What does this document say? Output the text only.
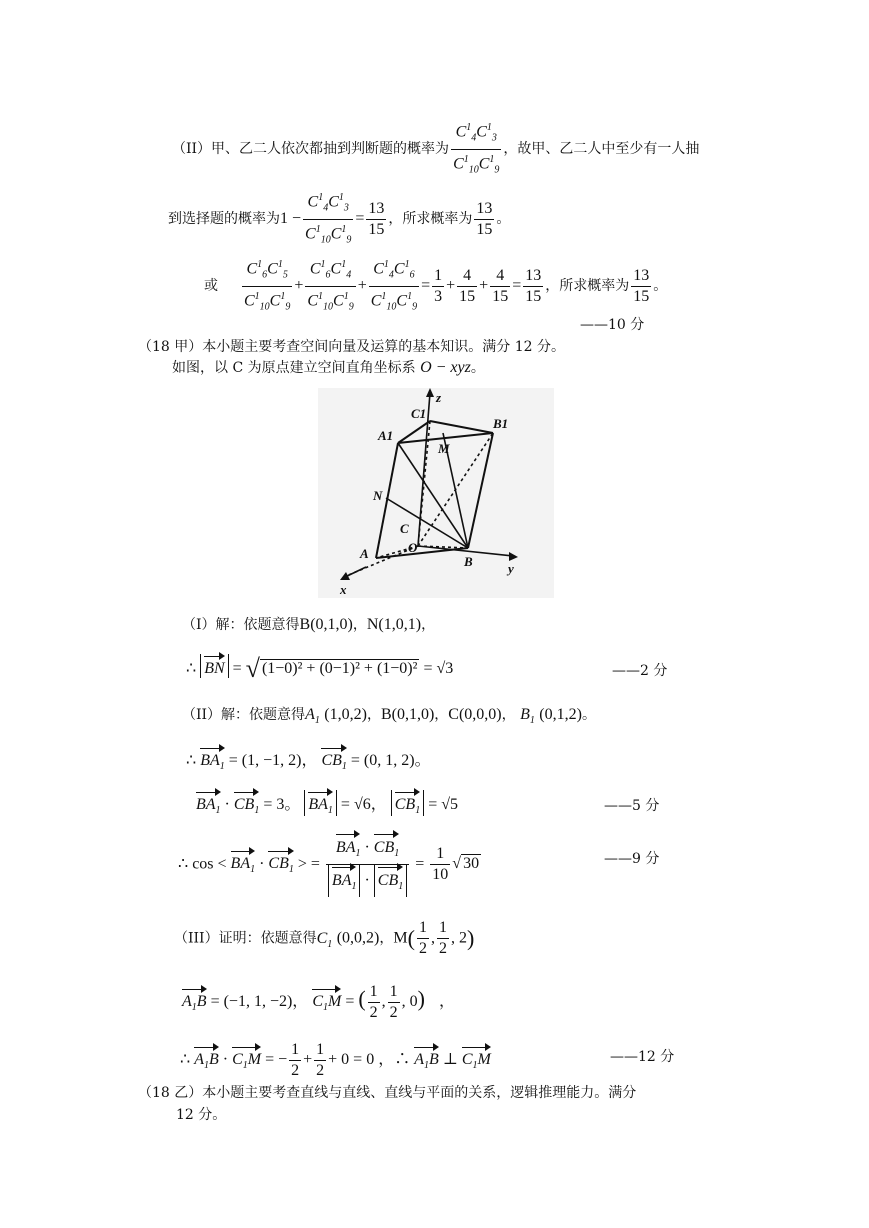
（II）甲、乙二人依次都抽到判断题的概率为 $\frac{C^1_4C^1_3}{C^1_{10}C^1_9}$ ，故甲、乙二人中至少有一人抽
到选择题的概率为$1 - \frac{C^1_4C^1_3}{C^1_{10}C^1_9} = \frac{13}{15}$ ，所求概率为 $\frac{13}{15}$ 。
或 $\frac{C^1_6C^1_5}{C^1_{10}C^1_9} + \frac{C^1_6C^1_4}{C^1_{10}C^1_9} + \frac{C^1_4C^1_6}{C^1_{10}C^1_9} = \frac{1}{3} + \frac{4}{15} + \frac{4}{15} = \frac{13}{15}$ ，所求概率为 $\frac{13}{15}$ 。
——10 分
（18 甲）本小题主要考查空间向量及运算的基本知识。满分 12 分。
如图，以 C 为原点建立空间直角坐标系 O − xyz。
C1
z
B1
A1
M
N
C
O
A
B	y
x
（I）解：依题意得B(0,1,0)，N(1,0,1)，
∴ BN = √ (1−0)² + (0−1)² + (1−0)² = √3	——2 分
（II）解：依题意得$A_1$ (1,0,2)，B(0,1,0)，C(0,0,0)， $B_1$ (0,1,2)。
∴ $BA_1 = (1$, −1, 2)， $CB_1 = (0$, 1, 2)。
$BA_1 \cdot CB_1 = 3$。 $BA_1 = √6$， $CB_1 = √5$	——5 分
∴ $\cos < BA_1 \cdot CB_1$ > = $\frac{BA_1 \cdot CB_1}{BA_1 \cdot CB_1} = \frac{1}{10}$ √ 30	——9 分
（III）证明：依题意得$C_1$ (0,0,2)，$M( \frac{1}{2}$ , $\frac{1}{2}$ , 2)
$A_1B = (-1$, 1, −2)， $C_1M$ = ( $\frac{1}{2}$ , $\frac{1}{2}$ , 0) ，
∴ $A_1B \cdot C_1M$ = − $\frac{1}{2} + \frac{1}{2} + 0 = 0$ ，∴ $A_1B$ ⊥ $C_1M$	——12 分
（18 乙）本小题主要考查直线与直线、直线与平面的关系，逻辑推理能力。满分
12 分。
